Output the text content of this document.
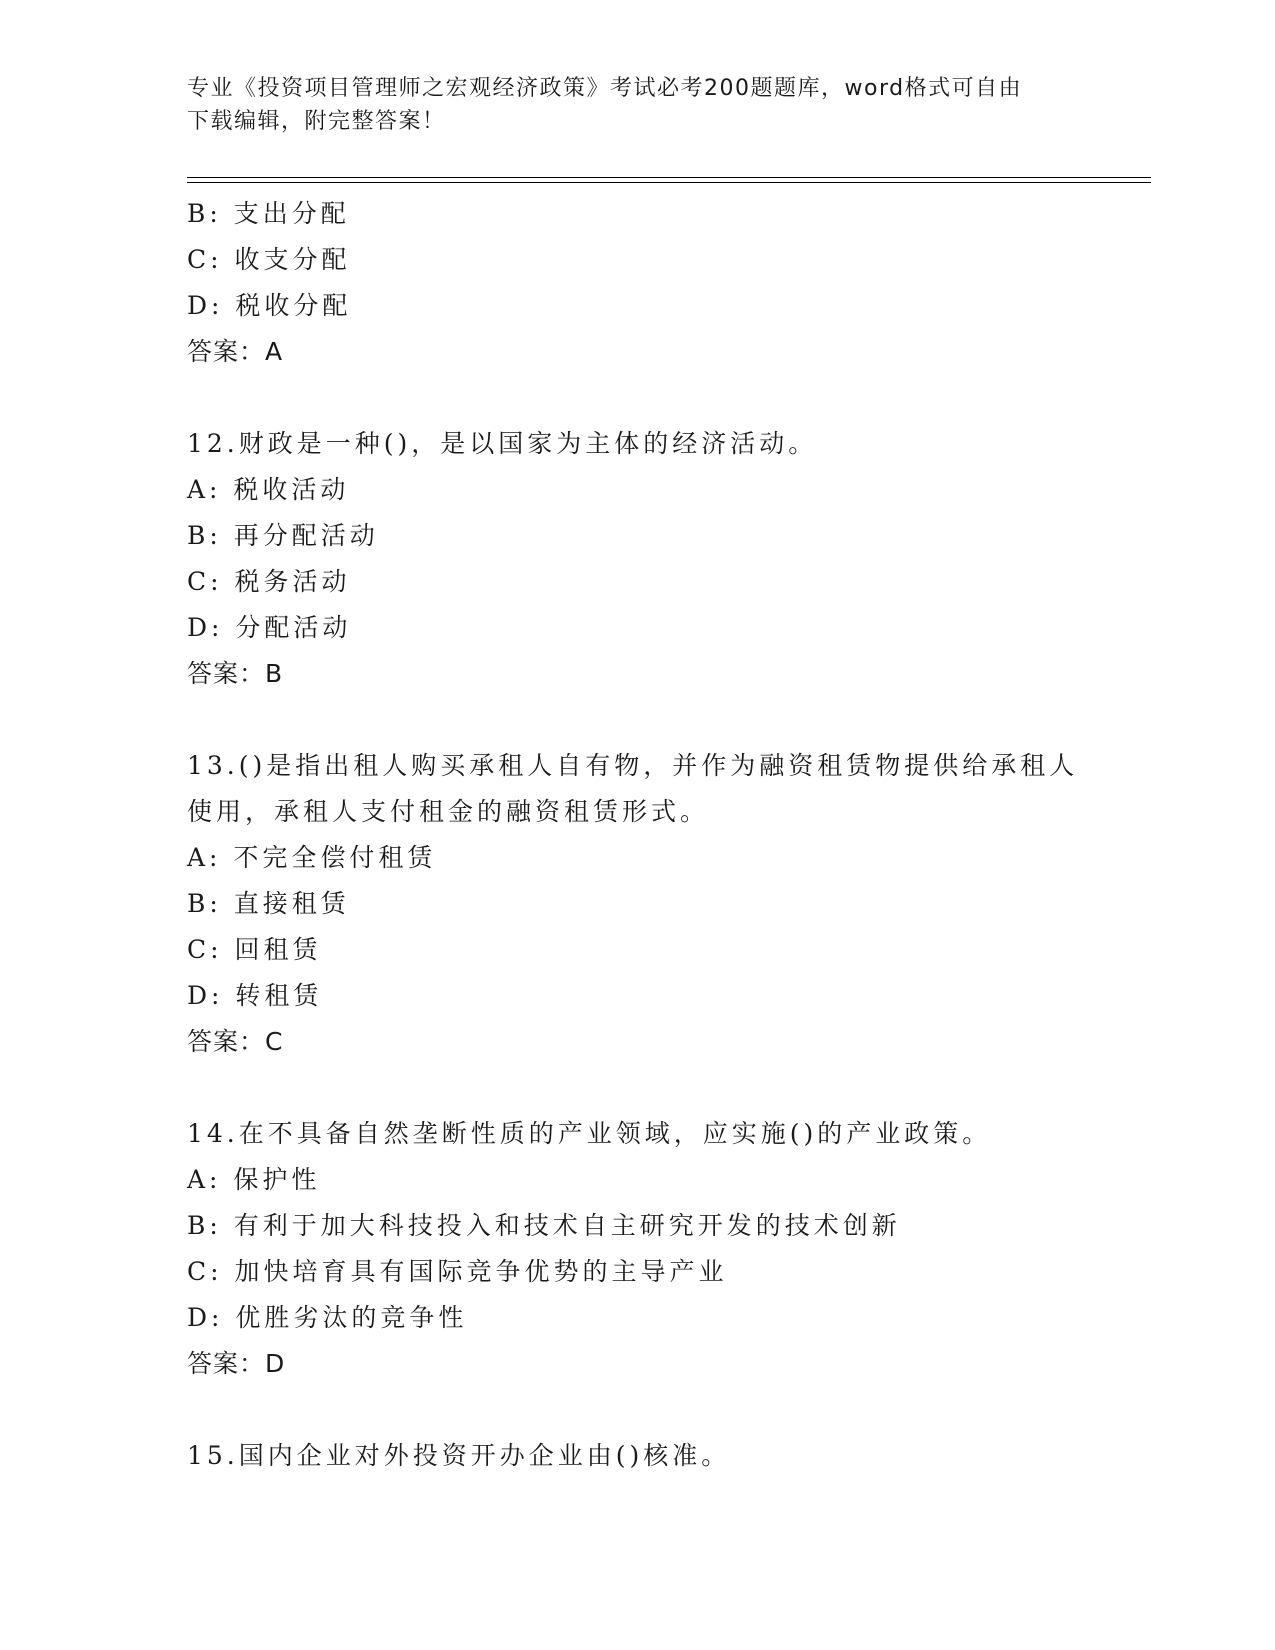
专业《投资项目管理师之宏观经济政策》考试必考200题题库，word格式可自由
下载编辑，附完整答案！
B: 支出分配
C: 收支分配
D: 税收分配
答案：A
12.财政是一种()，是以国家为主体的经济活动。
A: 税收活动
B: 再分配活动
C: 税务活动
D: 分配活动
答案：B
13.()是指出租人购买承租人自有物，并作为融资租赁物提供给承租人
使用，承租人支付租金的融资租赁形式。
A: 不完全偿付租赁
B: 直接租赁
C: 回租赁
D: 转租赁
答案：C
14.在不具备自然垄断性质的产业领域，应实施()的产业政策。
A: 保护性
B: 有利于加大科技投入和技术自主研究开发的技术创新
C: 加快培育具有国际竞争优势的主导产业
D: 优胜劣汰的竞争性
答案：D
15.国内企业对外投资开办企业由()核准。
